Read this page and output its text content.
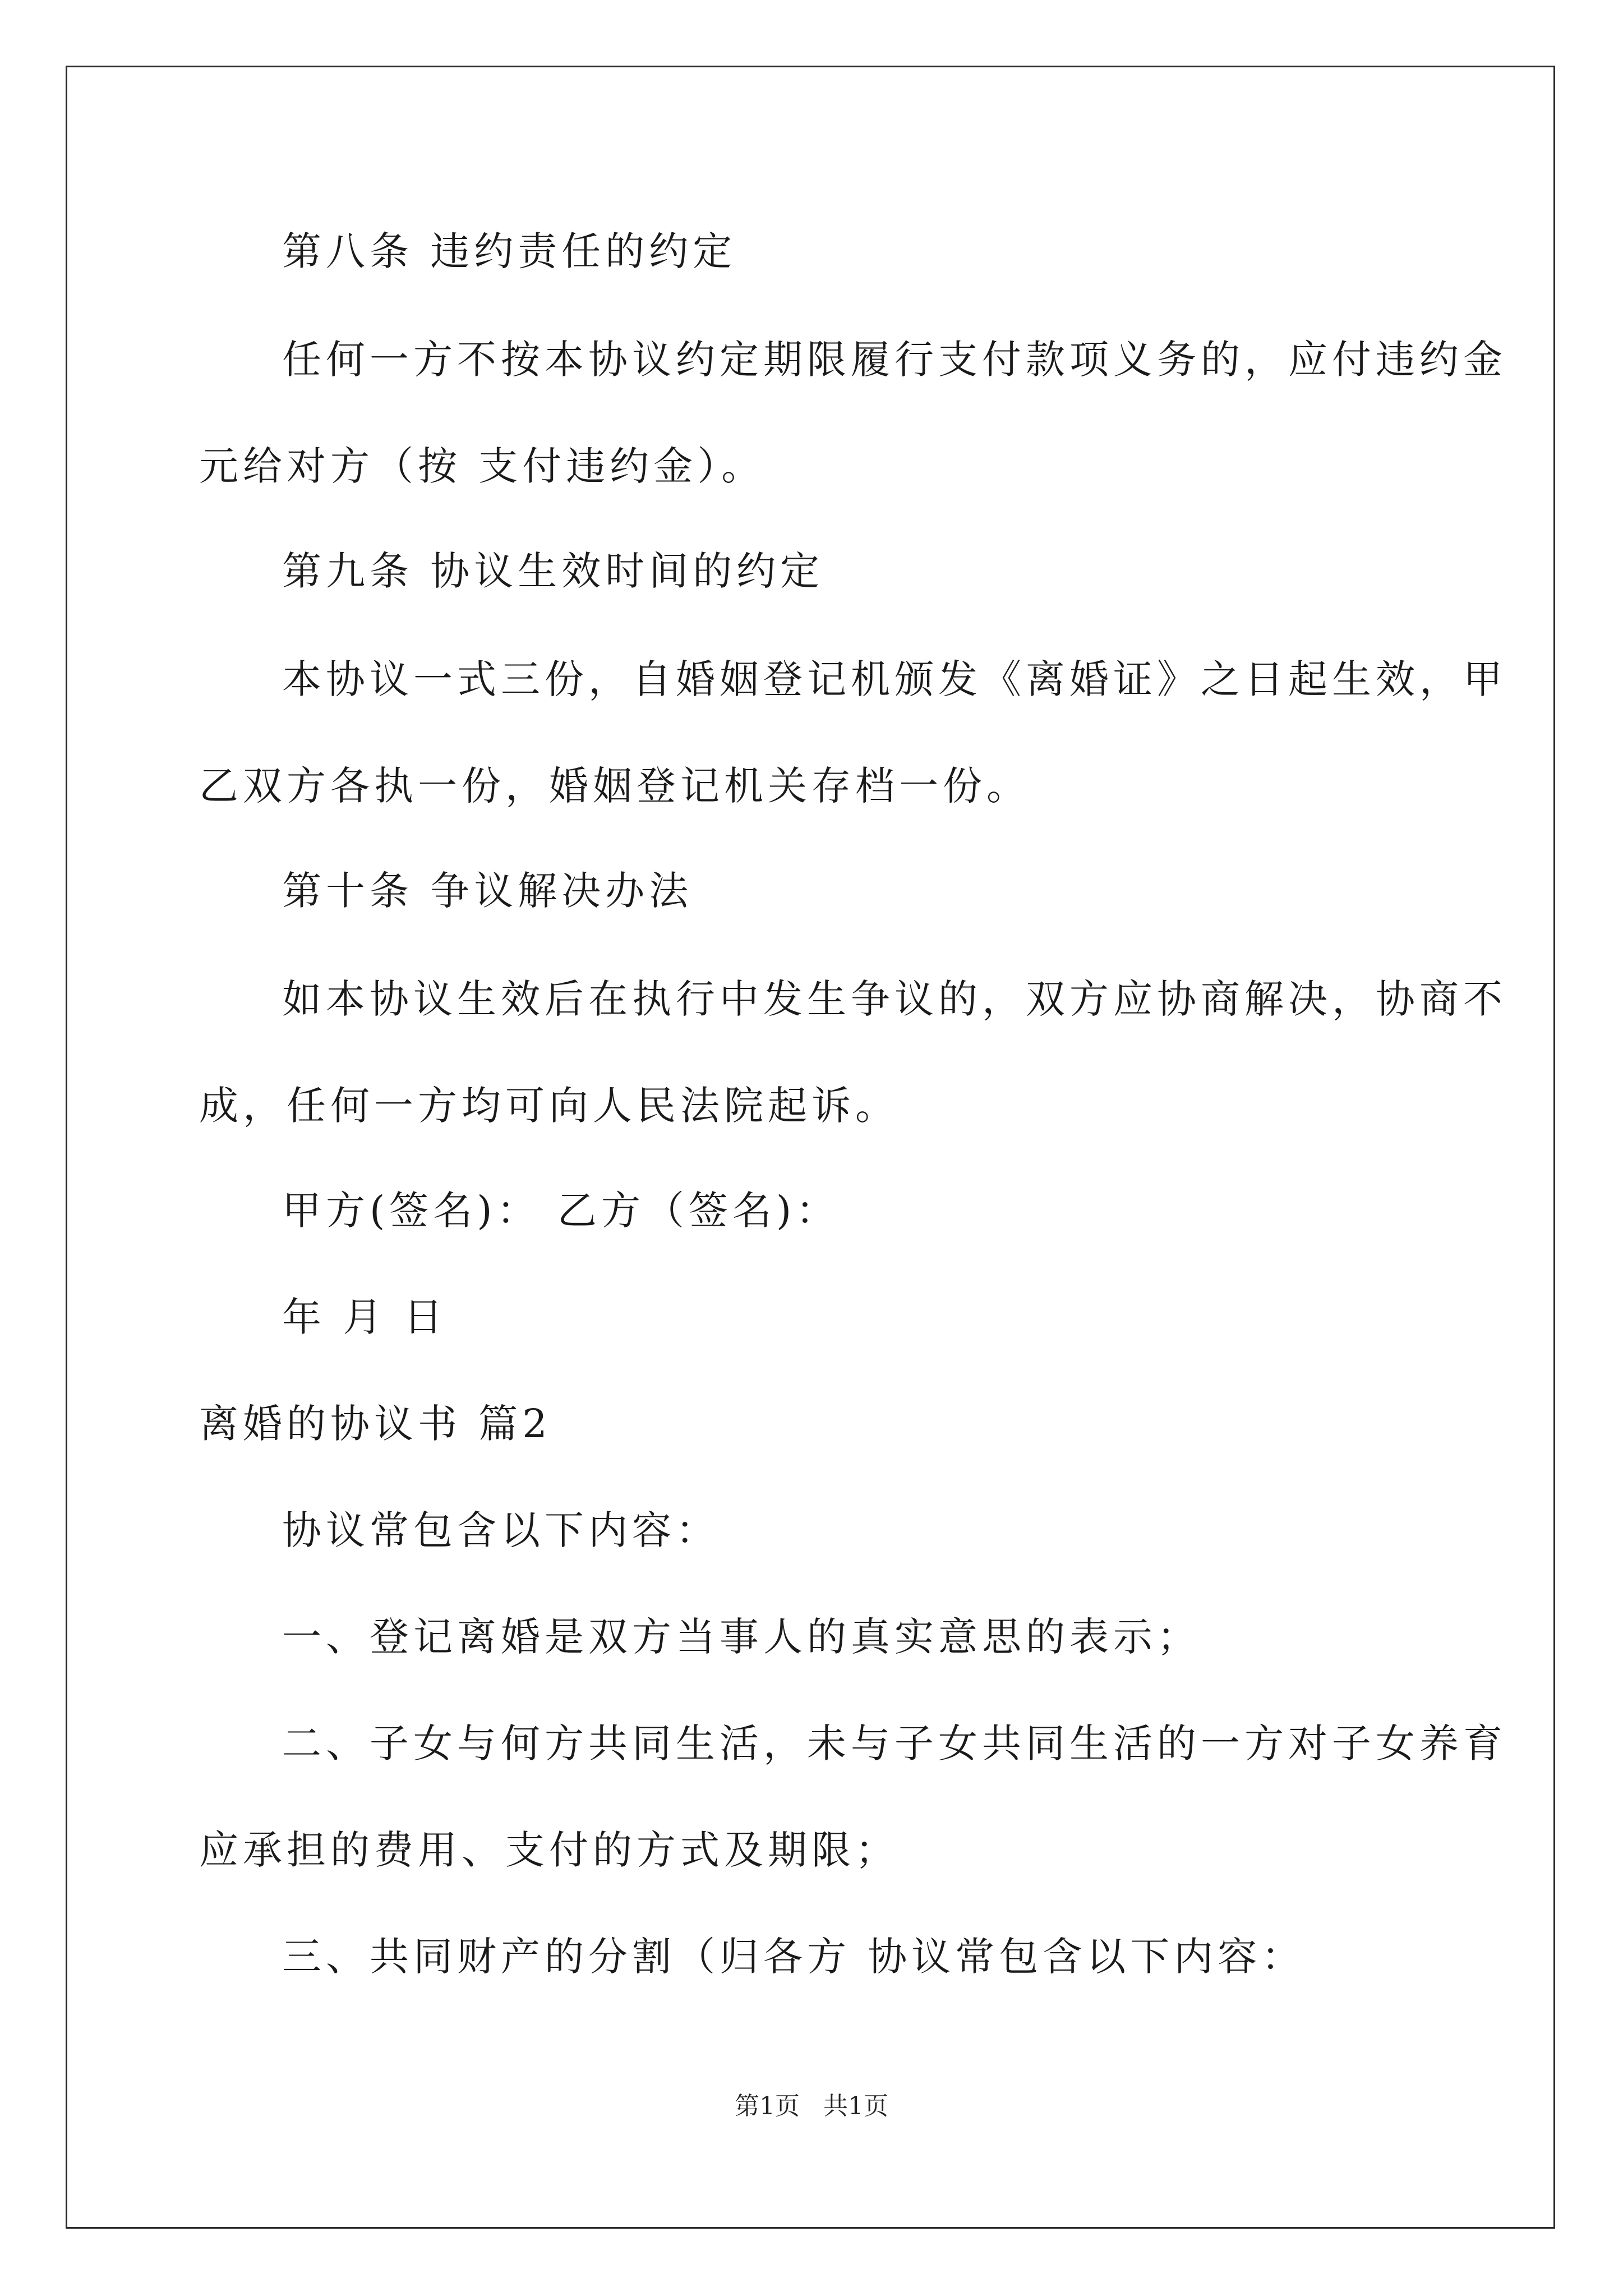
第八条 违约责任的约定
任何一方不按本协议约定期限履行支付款项义务的，应付违约金
元给对方（按 支付违约金）。
第九条 协议生效时间的约定
本协议一式三份，自婚姻登记机颁发《离婚证》之日起生效，甲
乙双方各执一份，婚姻登记机关存档一份。
第十条 争议解决办法
如本协议生效后在执行中发生争议的，双方应协商解决，协商不
成，任何一方均可向人民法院起诉。
甲方(签名)： 乙方（签名)：
年 月 日
离婚的协议书 篇2
协议常包含以下内容：
一、登记离婚是双方当事人的真实意思的表示；
二、子女与何方共同生活，未与子女共同生活的一方对子女养育
应承担的费用、支付的方式及期限；
三、共同财产的分割（归各方 协议常包含以下内容：
第1页 共1页
